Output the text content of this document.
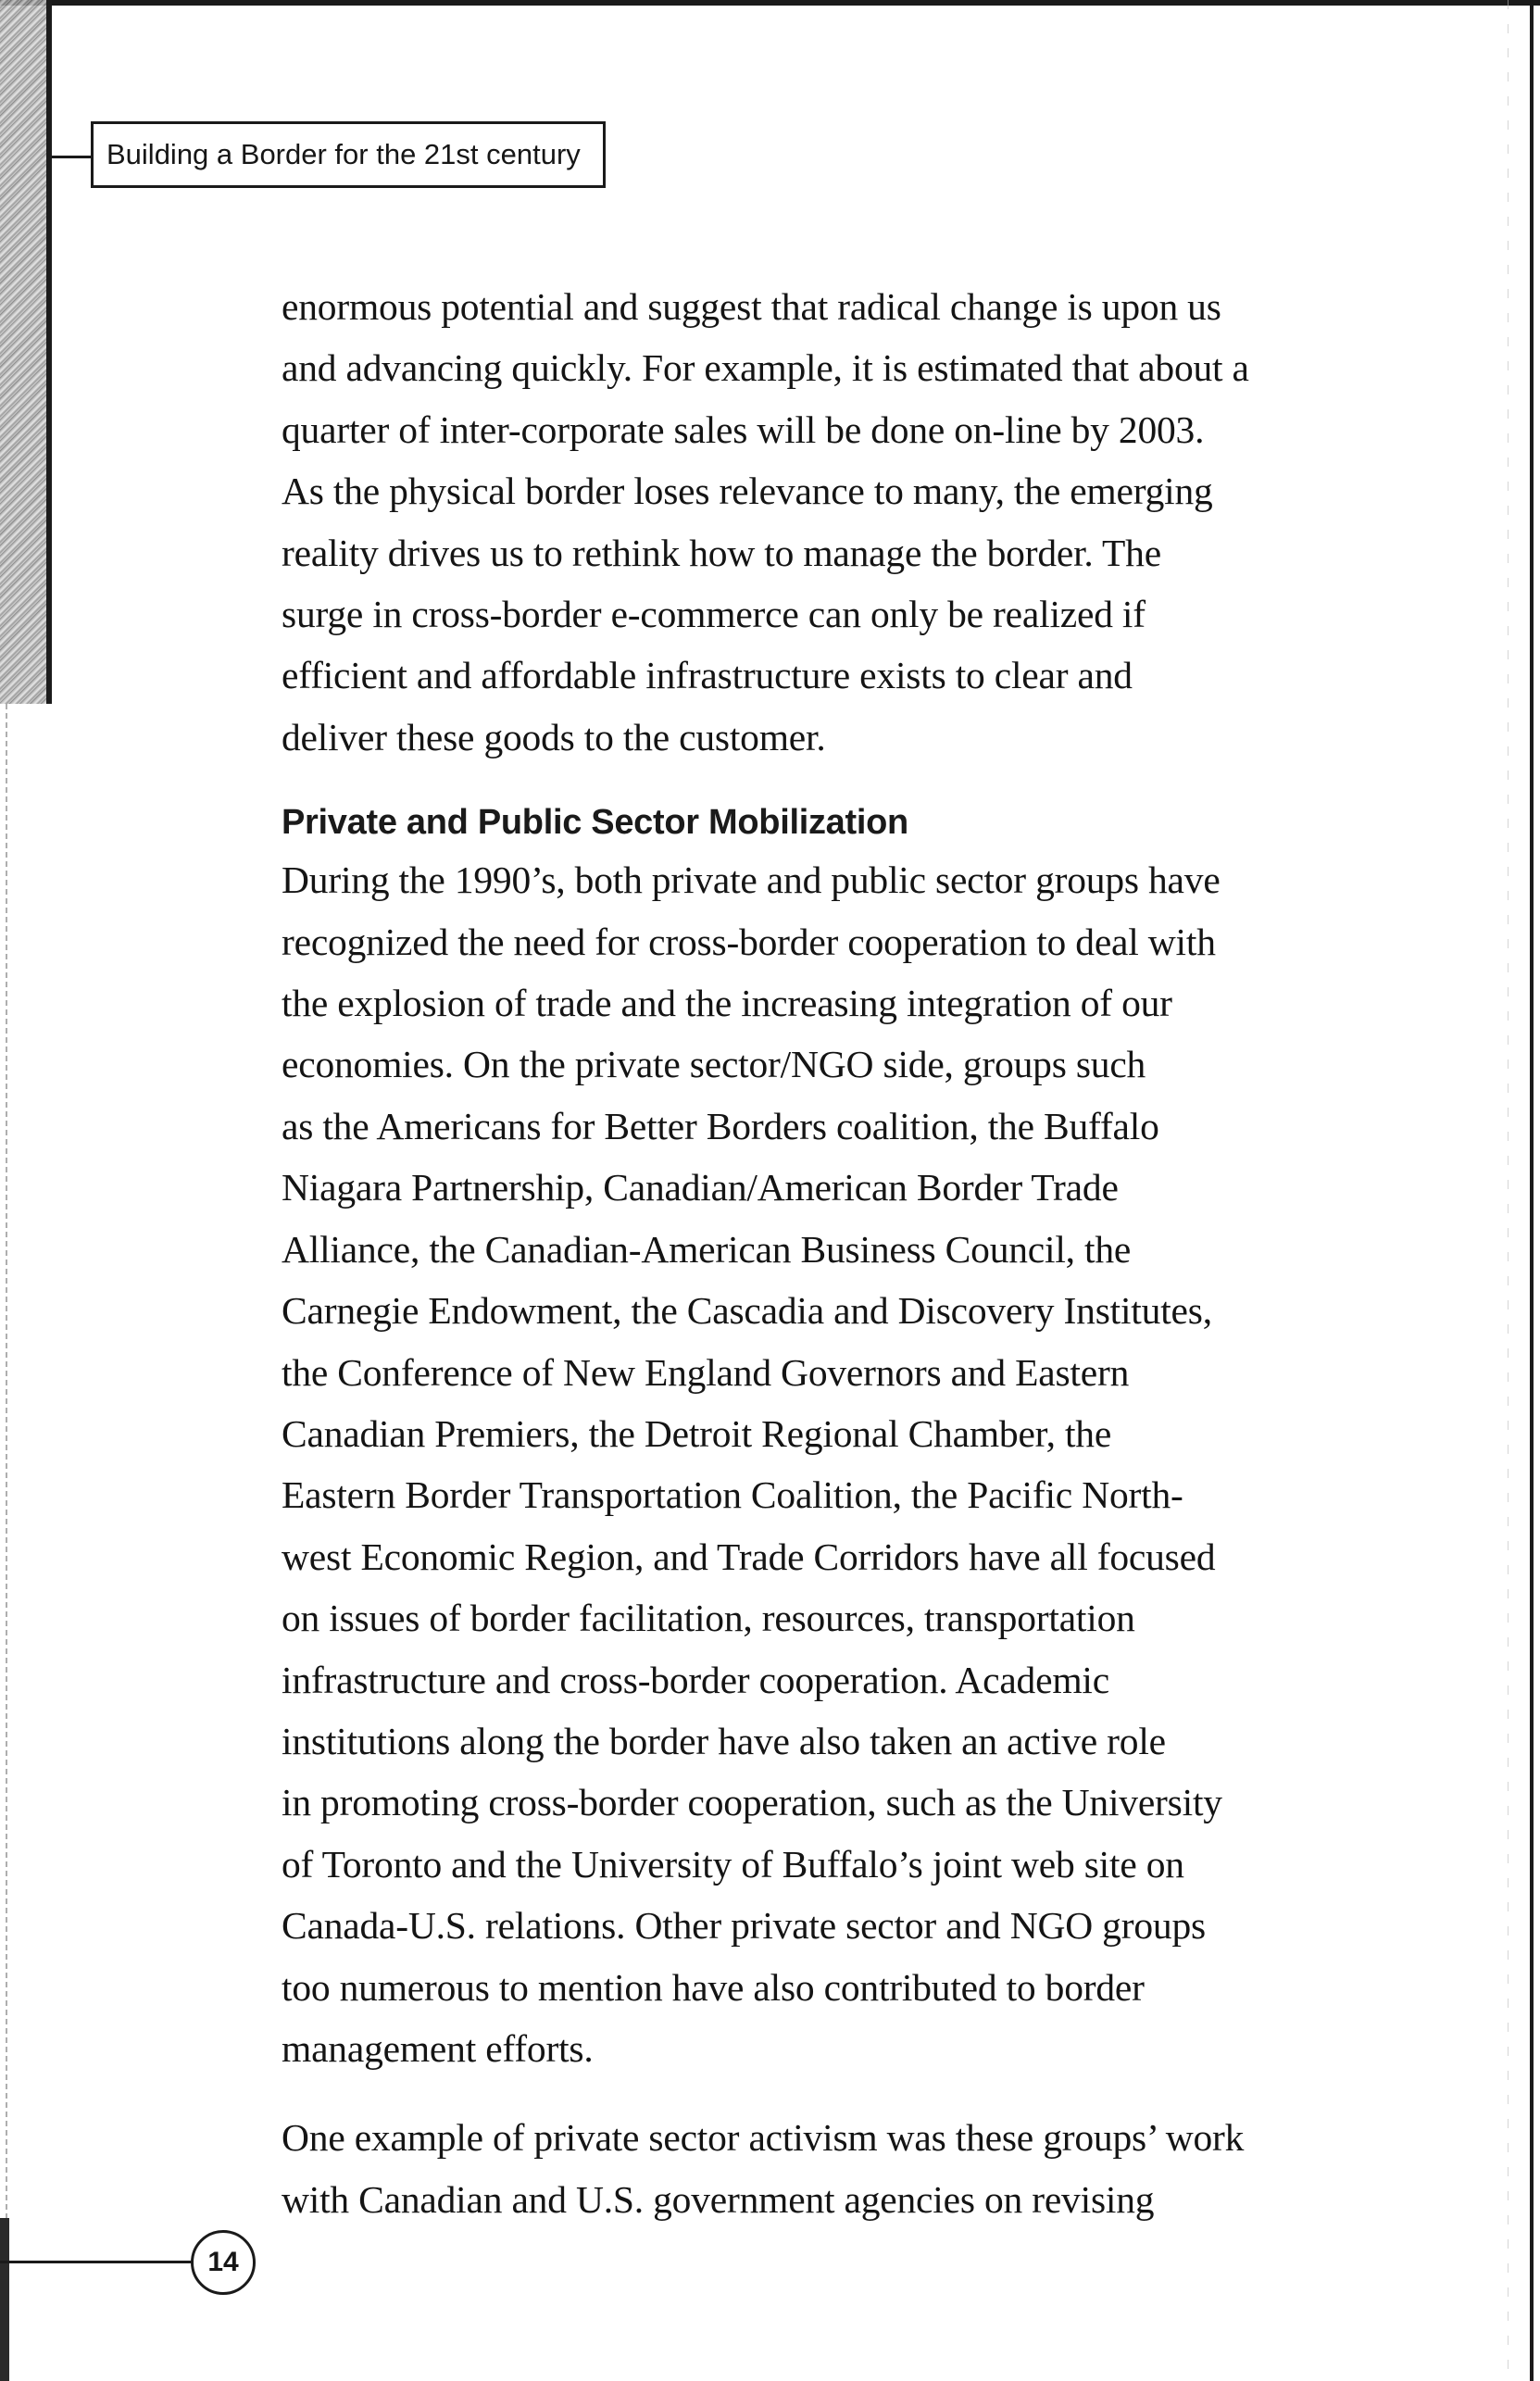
Building a Border for the 21st century

enormous potential and suggest that radical change is upon us
and advancing quickly. For example, it is estimated that about a
quarter of inter-corporate sales will be done on-line by 2003.
As the physical border loses relevance to many, the emerging
reality drives us to rethink how to manage the border. The
surge in cross-border e-commerce can only be realized if
efficient and affordable infrastructure exists to clear and
deliver these goods to the customer.

Private and Public Sector Mobilization

During the 1990’s, both private and public sector groups have
recognized the need for cross-border cooperation to deal with
the explosion of trade and the increasing integration of our
economies. On the private sector/NGO side, groups such
as the Americans for Better Borders coalition, the Buffalo
Niagara Partnership, Canadian/American Border Trade
Alliance, the Canadian-American Business Council, the
Carnegie Endowment, the Cascadia and Discovery Institutes,
the Conference of New England Governors and Eastern
Canadian Premiers, the Detroit Regional Chamber, the
Eastern Border Transportation Coalition, the Pacific North-
west Economic Region, and Trade Corridors have all focused
on issues of border facilitation, resources, transportation
infrastructure and cross-border cooperation. Academic
institutions along the border have also taken an active role
in promoting cross-border cooperation, such as the University
of Toronto and the University of Buffalo’s joint web site on
Canada-U.S. relations. Other private sector and NGO groups
too numerous to mention have also contributed to border
management efforts.

One example of private sector activism was these groups’ work
with Canadian and U.S. government agencies on revising

14
